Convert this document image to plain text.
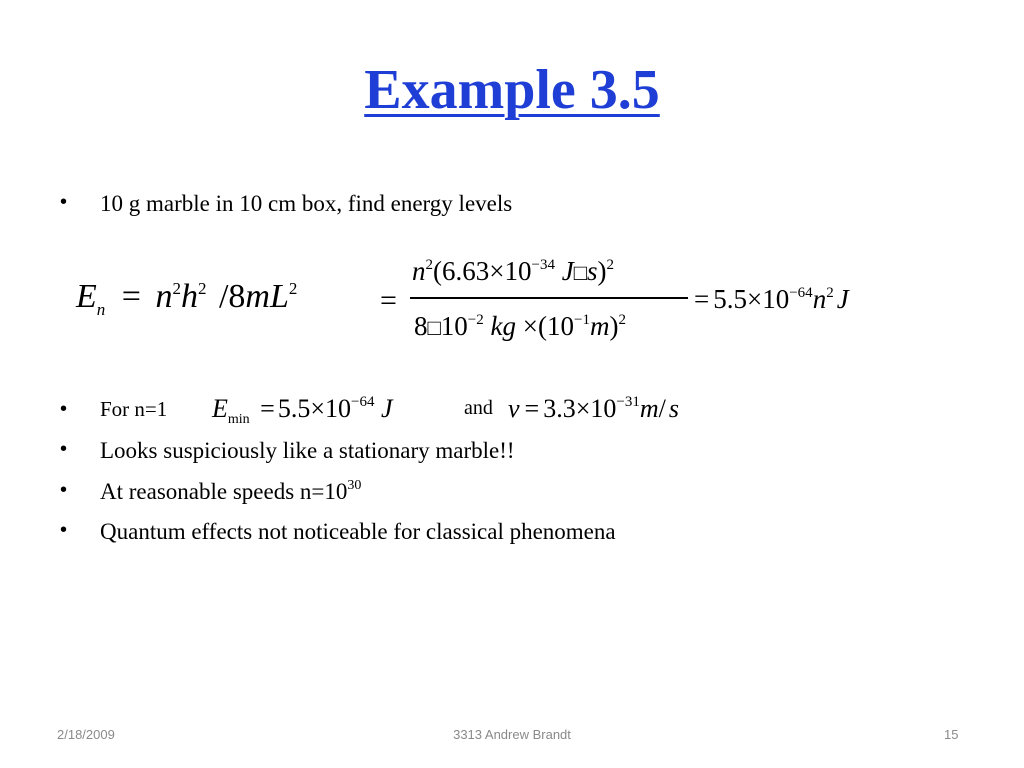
Example 3.5
• 10 g marble in 10 cm box, find energy levels
$E_n = n^2h^2$ $/8mL^2$	=
$n^2(6.63\times 10^{-34}$ J□s)$^2$
$8□10^{-2}$ kg $\times(10^{-1}m)^2$
= $5.5\times 10^{-64}n^2$ J
• For n=1 $E_{min} = 5.5\times 10^{-64}$ J	and $v = 3.3\times 10^{-31}m/$ s
• Looks suspiciously like a stationary marble!!
• At reasonable speeds $n=10^{30}$
• Quantum effects not noticeable for classical phenomena
2/18/2009	3313 Andrew Brandt	15
